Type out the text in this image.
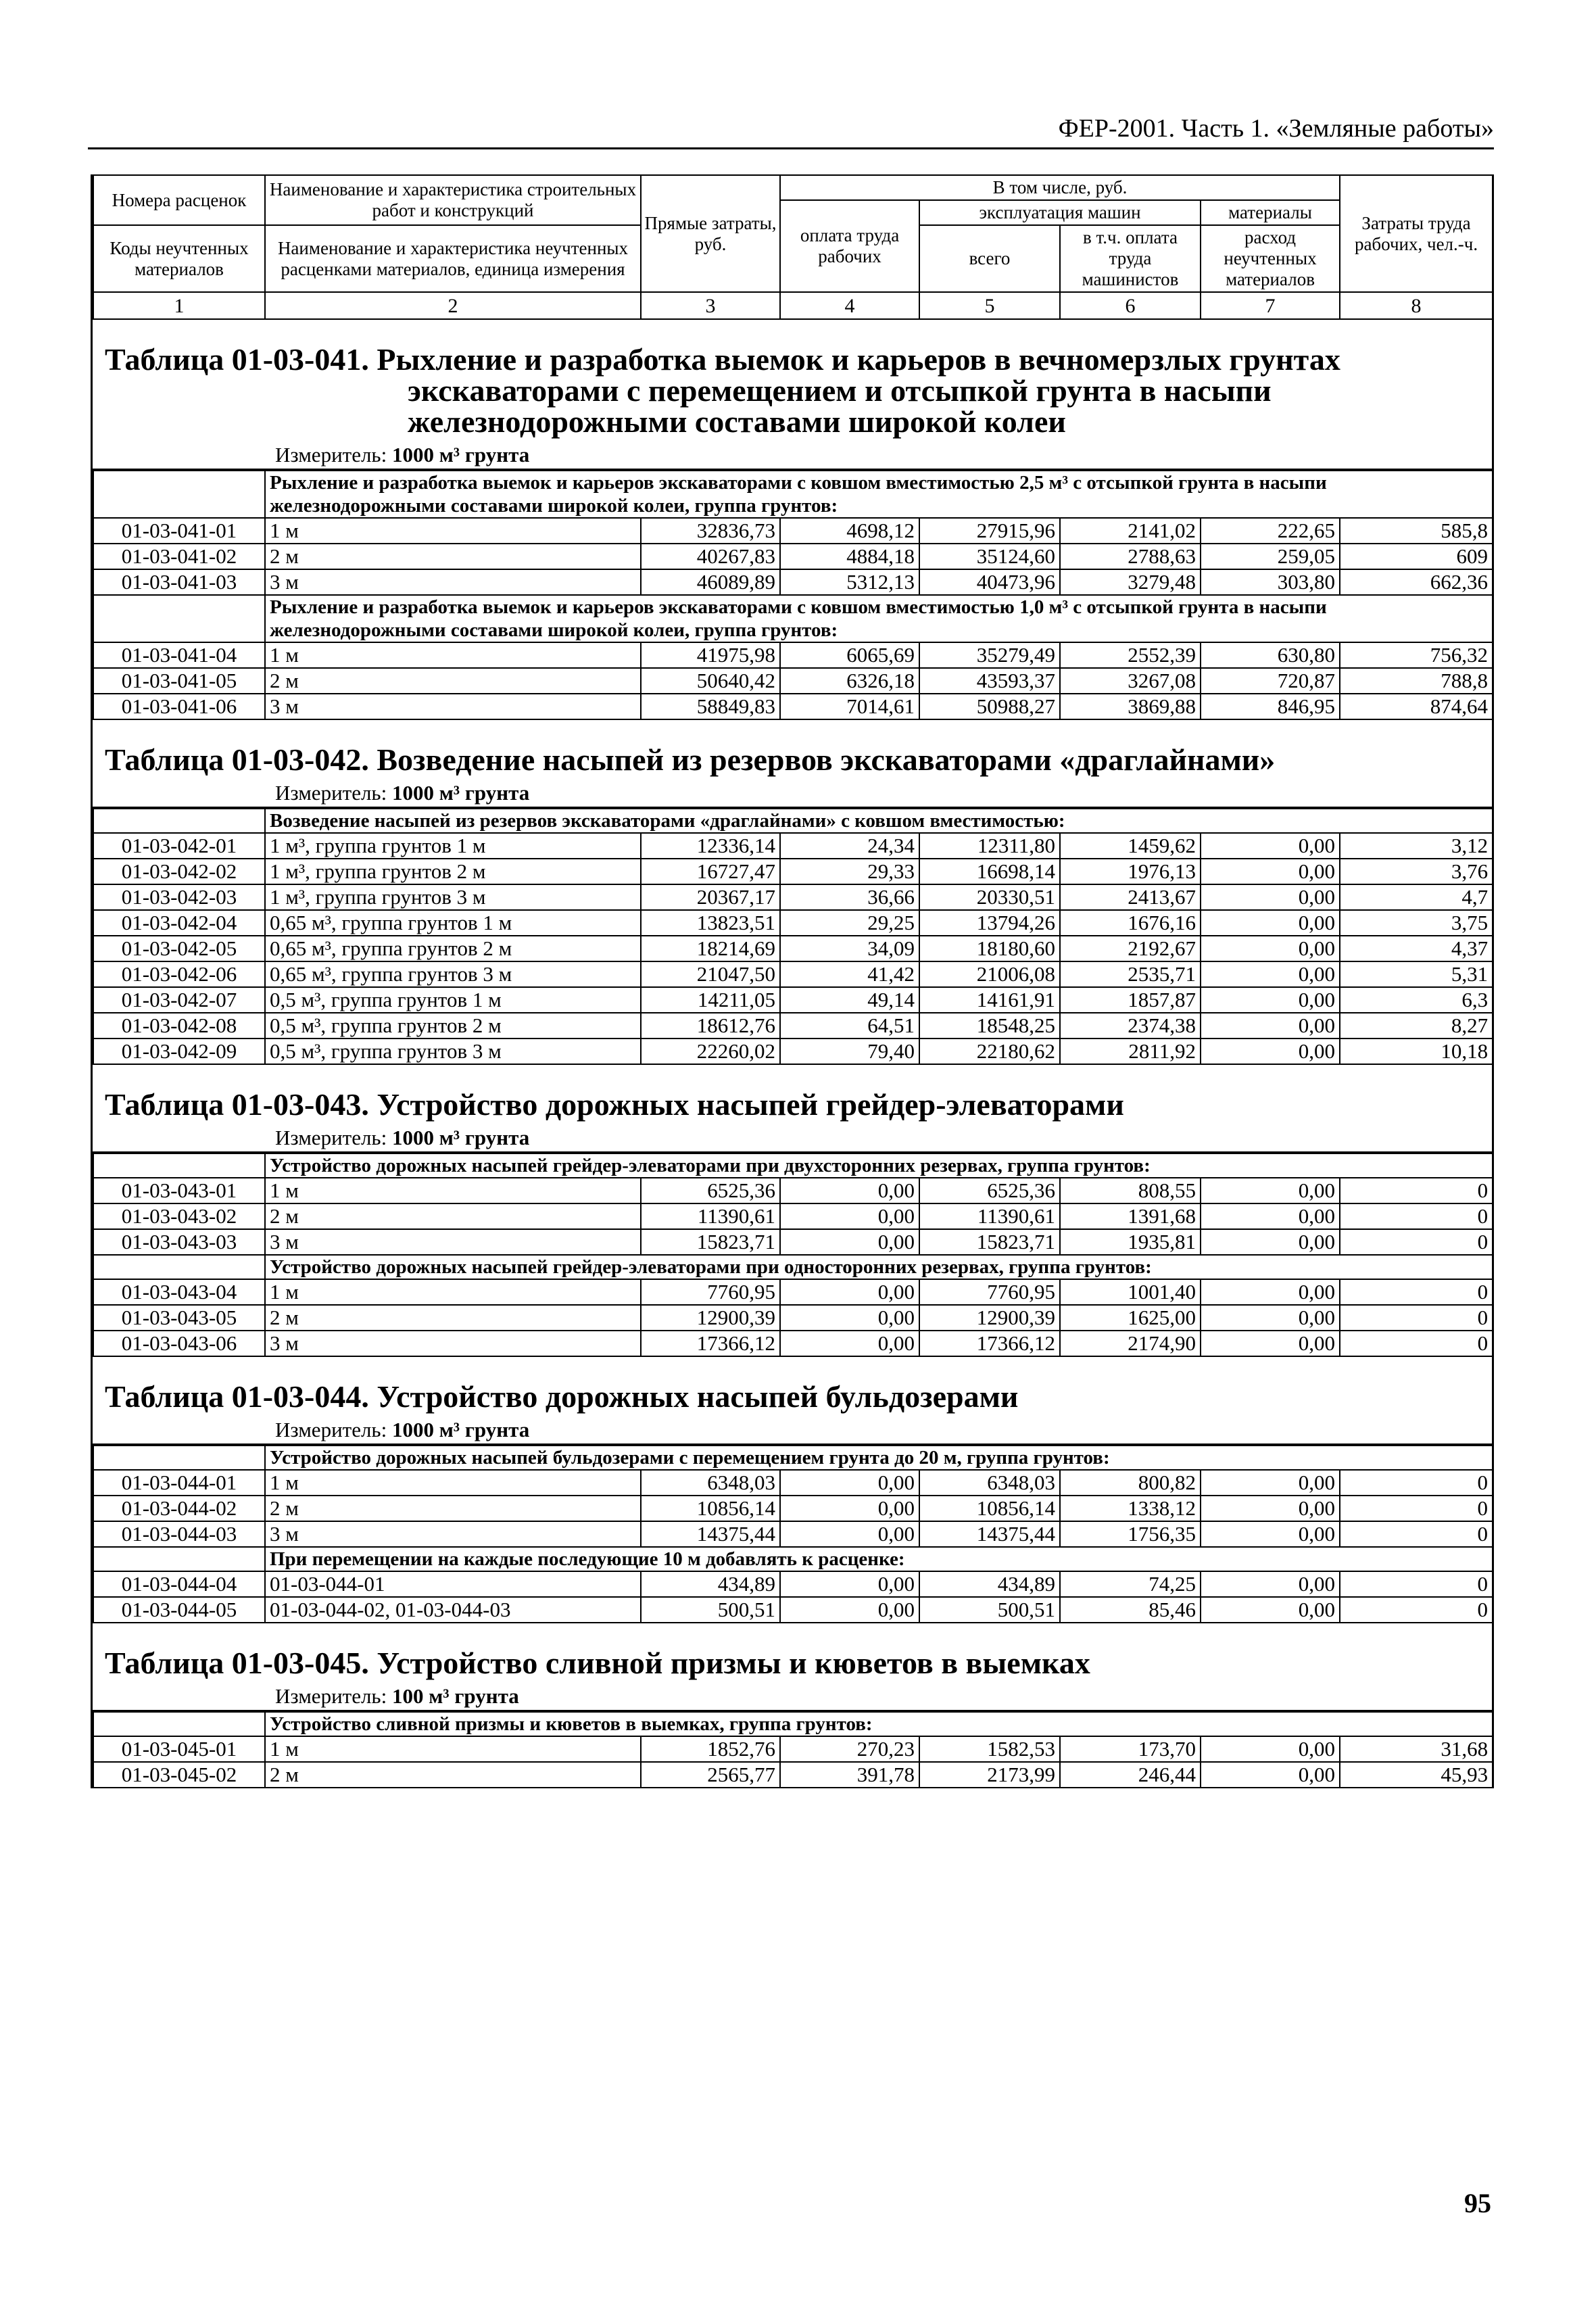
ФЕР-2001. Часть 1. «Земляные работы»
Номера расценок	Наименование и характеристика строительных работ и конструкций	Прямые затраты, руб.	В том числе, руб.				Затраты труда рабочих, чел.-ч.
			оплата труда рабочих	эксплуатация машин		материалы	
Коды неучтенных материалов	Наименование и характеристика неучтенных расценками материалов, единица измерения			всего	в т.ч. оплата труда машинистов	расход неучтенных материалов	

1	2	3	4	5	6	7	8
Таблица 01-03-041. Рыхление и разработка выемок и карьеров в вечномерзлых грунтах
экскаваторами с перемещением и отсыпкой грунта в насыпи
железнодорожными составами широкой колеи
Измеритель: 1000 м³ грунта
	Рыхление и разработка выемок и карьеров экскаваторами с ковшом вместимостью 2,5 м³ с отсыпкой грунта в насыпи железнодорожными составами широкой колеи, группа грунтов:						
01-03-041-01	1 м	32836,73	4698,12	27915,96	2141,02	222,65	585,8
01-03-041-02	2 м	40267,83	4884,18	35124,60	2788,63	259,05	609
01-03-041-03	3 м	46089,89	5312,13	40473,96	3279,48	303,80	662,36
	Рыхление и разработка выемок и карьеров экскаваторами с ковшом вместимостью 1,0 м³ с отсыпкой грунта в насыпи железнодорожными составами широкой колеи, группа грунтов:						
01-03-041-04	1 м	41975,98	6065,69	35279,49	2552,39	630,80	756,32
01-03-041-05	2 м	50640,42	6326,18	43593,37	3267,08	720,87	788,8
01-03-041-06	3 м	58849,83	7014,61	50988,27	3869,88	846,95	874,64
Таблица 01-03-042. Возведение насыпей из резервов экскаваторами «драглайнами»
Измеритель: 1000 м³ грунта
	Возведение насыпей из резервов экскаваторами «драглайнами» с ковшом вместимостью:						
01-03-042-01	1 м³, группа грунтов 1 м	12336,14	24,34	12311,80	1459,62	0,00	3,12
01-03-042-02	1 м³, группа грунтов 2 м	16727,47	29,33	16698,14	1976,13	0,00	3,76
01-03-042-03	1 м³, группа грунтов 3 м	20367,17	36,66	20330,51	2413,67	0,00	4,7
01-03-042-04	0,65 м³, группа грунтов 1 м	13823,51	29,25	13794,26	1676,16	0,00	3,75
01-03-042-05	0,65 м³, группа грунтов 2 м	18214,69	34,09	18180,60	2192,67	0,00	4,37
01-03-042-06	0,65 м³, группа грунтов 3 м	21047,50	41,42	21006,08	2535,71	0,00	5,31
01-03-042-07	0,5 м³, группа грунтов 1 м	14211,05	49,14	14161,91	1857,87	0,00	6,3
01-03-042-08	0,5 м³, группа грунтов 2 м	18612,76	64,51	18548,25	2374,38	0,00	8,27
01-03-042-09	0,5 м³, группа грунтов 3 м	22260,02	79,40	22180,62	2811,92	0,00	10,18
Таблица 01-03-043. Устройство дорожных насыпей грейдер-элеваторами
Измеритель: 1000 м³ грунта
	Устройство дорожных насыпей грейдер-элеваторами при двухсторонних резервах, группа грунтов:						
01-03-043-01	1 м	6525,36	0,00	6525,36	808,55	0,00	0
01-03-043-02	2 м	11390,61	0,00	11390,61	1391,68	0,00	0
01-03-043-03	3 м	15823,71	0,00	15823,71	1935,81	0,00	0
	Устройство дорожных насыпей грейдер-элеваторами при односторонних резервах, группа грунтов:						
01-03-043-04	1 м	7760,95	0,00	7760,95	1001,40	0,00	0
01-03-043-05	2 м	12900,39	0,00	12900,39	1625,00	0,00	0
01-03-043-06	3 м	17366,12	0,00	17366,12	2174,90	0,00	0
Таблица 01-03-044. Устройство дорожных насыпей бульдозерами
Измеритель: 1000 м³ грунта
	Устройство дорожных насыпей бульдозерами с перемещением грунта до 20 м, группа грунтов:						
01-03-044-01	1 м	6348,03	0,00	6348,03	800,82	0,00	0
01-03-044-02	2 м	10856,14	0,00	10856,14	1338,12	0,00	0
01-03-044-03	3 м	14375,44	0,00	14375,44	1756,35	0,00	0
	При перемещении на каждые последующие 10 м добавлять к расценке:						
01-03-044-04	01-03-044-01	434,89	0,00	434,89	74,25	0,00	0
01-03-044-05	01-03-044-02, 01-03-044-03	500,51	0,00	500,51	85,46	0,00	0
Таблица 01-03-045. Устройство сливной призмы и кюветов в выемках
Измеритель: 100 м³ грунта
	Устройство сливной призмы и кюветов в выемках, группа грунтов:						
01-03-045-01	1 м	1852,76	270,23	1582,53	173,70	0,00	31,68
01-03-045-02	2 м	2565,77	391,78	2173,99	246,44	0,00	45,93
95
